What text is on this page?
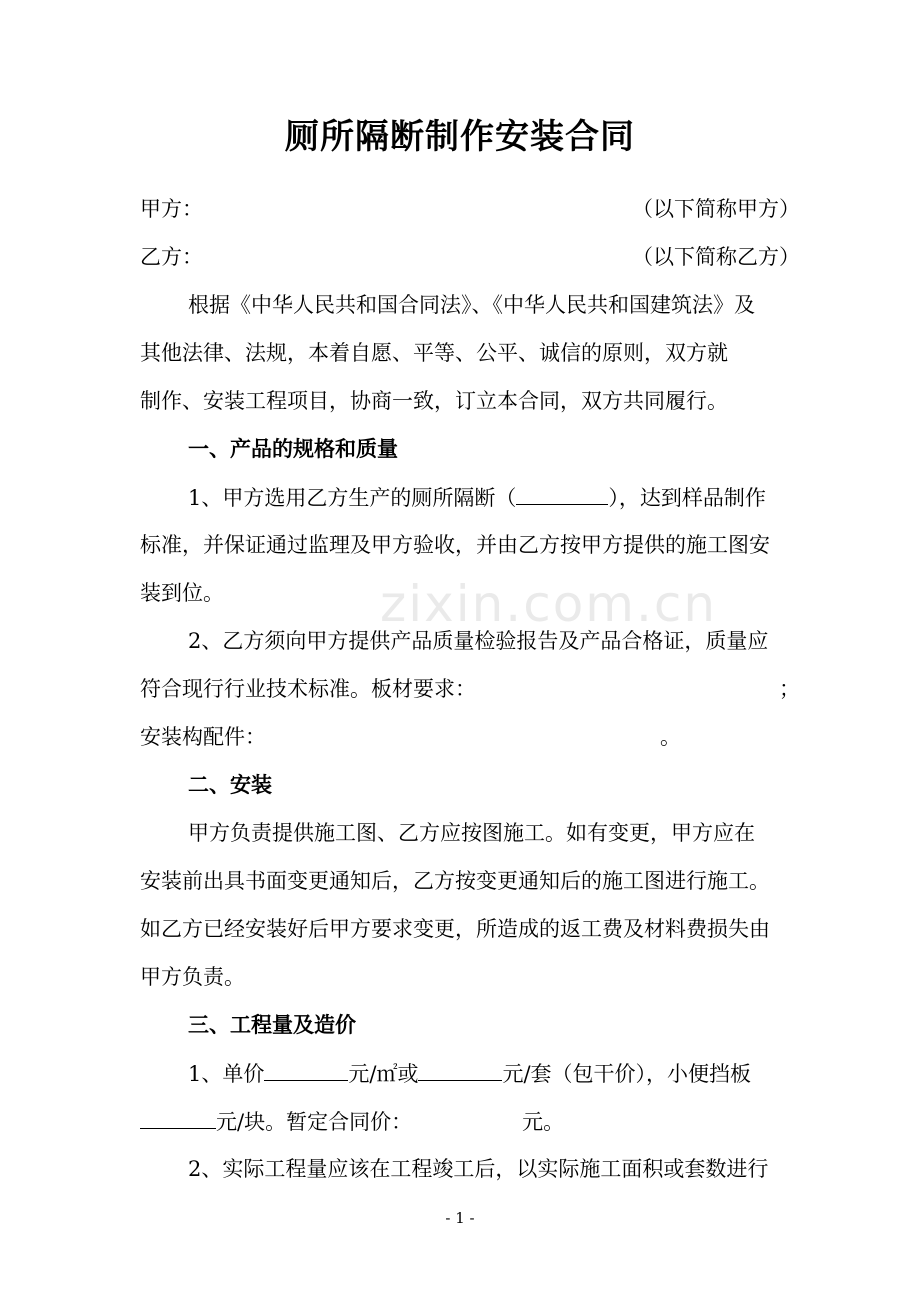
厕所隔断制作安装合同
甲方：	（以下简称甲方）
乙方：	（以下简称乙方）
根据《中华人民共和国合同法》、《中华人民共和国建筑法》及
其他法律、法规，本着自愿、平等、公平、诚信的原则，双方就
制作、安装工程项目，协商一致，订立本合同，双方共同履行。
一、产品的规格和质量
1、甲方选用乙方生产的厕所隔断（	），达到样品制作
标准，并保证通过监理及甲方验收，并由乙方按甲方提供的施工图安
装到位。
2、乙方须向甲方提供产品质量检验报告及产品合格证，质量应
符合现行行业技术标准。板材要求：	；
安装构配件：	。
二、安装
甲方负责提供施工图、乙方应按图施工。如有变更，甲方应在
安装前出具书面变更通知后，乙方按变更通知后的施工图进行施工。
如乙方已经安装好后甲方要求变更，所造成的返工费及材料费损失由
甲方负责。
三、工程量及造价
1、单价	元/㎡或	元/套（包干价），小便挡板
元/块。暂定合同价：	元。
2、实际工程量应该在工程竣工后，以实际施工面积或套数进行
zixin.com.cn
- 1 -
